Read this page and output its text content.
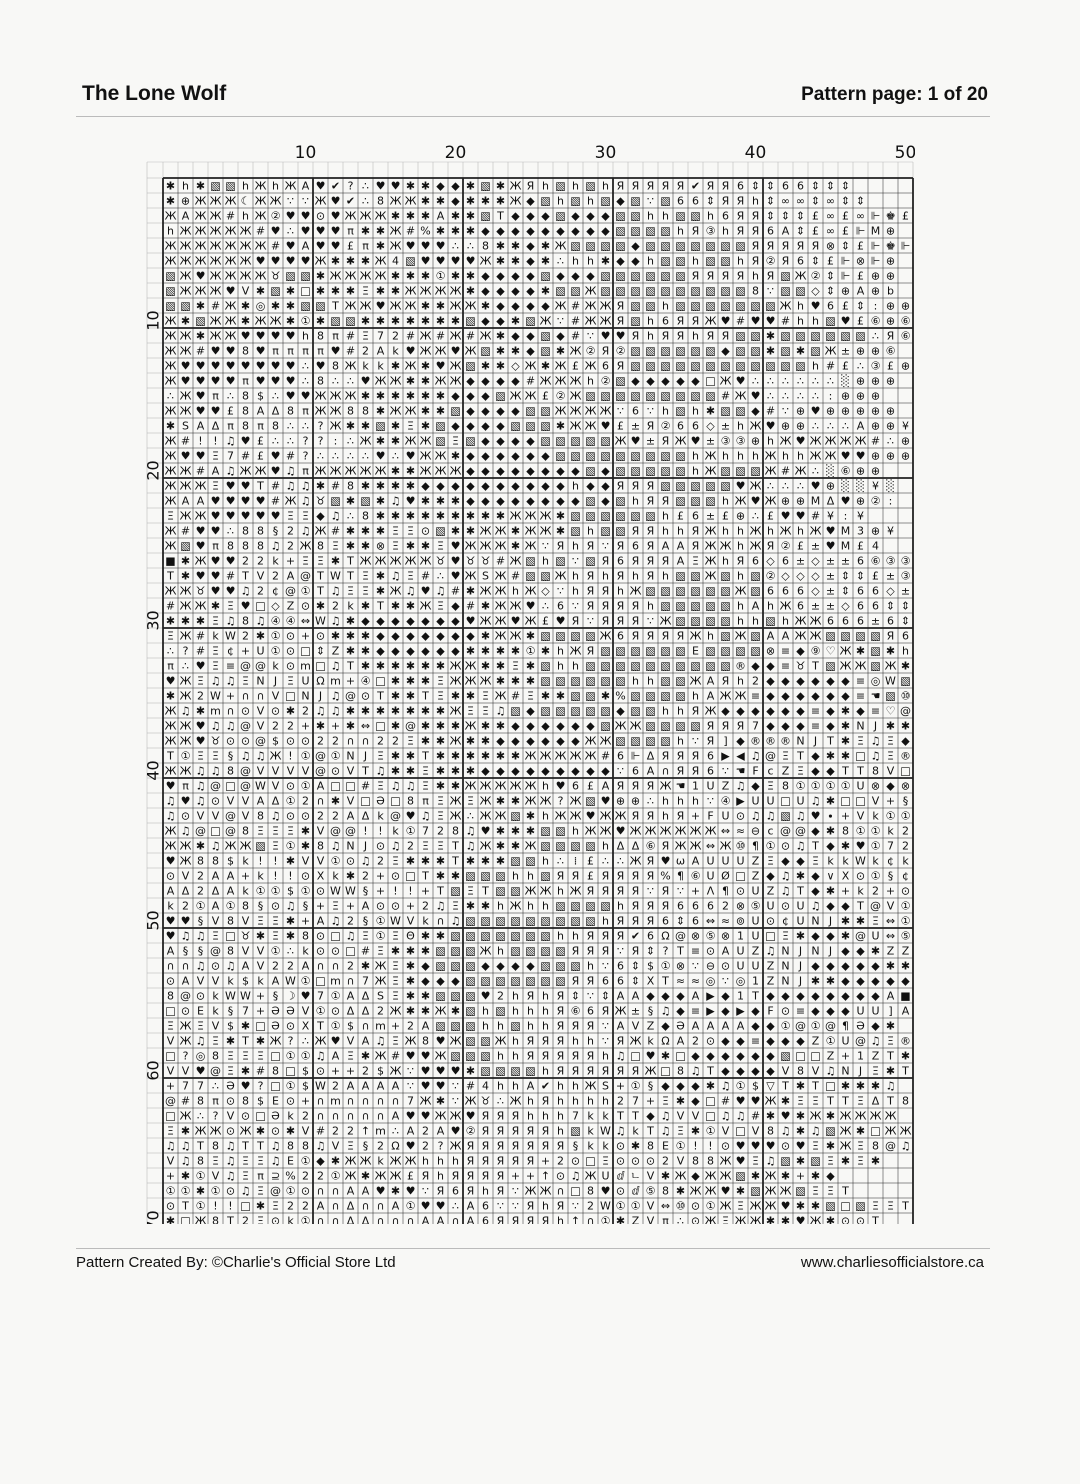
The Lone Wolf	Pattern page: 1 of 20
✱ h ✱ ▧ ▧ h Ж h Ж A ♥ ✔ ? ∴ ♥ ♥ ✱ ✱ ◆ ◆ ✱ ▧ ✱ Ж Я h ▧ h ▧ h Я Я Я Я Я ✔ Я Я 6 ⇕ ⇕ 6 6 ⇕ ⇕ ⇕
✱ ⊕ Ж Ж Ж ☾ Ж Ж ∵ ∵ Ж ♥ ✔ ∴ 8 Ж Ж ✱ ✱ ◆ ✱ ✱ ✱ Ж ◆ ▧ h ▧ h ▧ ◆ ▧ ∵ ▧ 6 6 ⇕ Я Я h ⇕ ∞ ∞ ⇕ ∞ ⇕ ⇕
Ж A Ж Ж # h Ж ② ♥ ♥ ⊙ ♥ Ж Ж Ж ✱ ✱ ✱ A ✱ ✱ ▧ T ◆ ◆ ◆ ▧ ◆ ◆ ◆ ▧ ▧ h h ▧ ▧ h 6 Я Я ⇕ ⇕ ⇕ £ ∞ £ ∞ ⊩ ♚ £
h Ж Ж Ж Ж Ж # ♥ ∴ ♥ ♥ ♥ π ✱ ✱ Ж # % ✱ ✱ ✱ ◆ ◆ ◆ ◆ ◆ ◆ ◆ ◆ ◆ ▧ ▧ ▧ ▧ h Я ③ h Я Я 6 A ⇕ £ ∞ £ ⊩ M ⊕
Ж Ж Ж Ж Ж Ж Ж # ♥ A ♥ ♥ £ π ✱ Ж ♥ ♥ ♥ ∴ ∴ 8 ✱ ✱ ◆ ✱ Ж ▧ ▧ ▧ ▧ ◆ ▧ ▧ ▧ ▧ ▧ ▧ ▧ Я Я Я Я Я ⊗ ⇕ £ ⊩ ♚ ⊩
Ж Ж Ж Ж Ж Ж ♥ ♥ ♥ ♥ Ж ✱ ✱ ✱ Ж 4 ▧ ♥ ♥ ♥ ♥ Ж ✱ ✱ ◆ ✱ ∴ h h ✱ ◆ ◆ h ▧ ▧ h ▧ ▧ h Я ② Я 6 ⇕ £ ⊩ ⊗ ⊩ ⊕
▧ Ж ♥ Ж Ж Ж Ж ♉ ▧ ▧ ✱ Ж Ж Ж Ж ✱ ✱ ✱ ① ✱ ✱ ◆ ◆ ◆ ◆ ▧ ◆ ◆ ◆ ▧ ▧ ▧ ▧ ▧ ▧ Я Я Я Я h Я ▧ Ж ② ⇕ ⊩ £ ⊕ ⊕
▧ Ж Ж Ж ♥ V ✱ ▧ ✱ □ ✱ ✱ ✱ Ξ ✱ ✱ Ж Ж Ж Ж ✱ ◆ ◆ ◆ ◆ ✱ ▧ ▧ Ж ▧ ▧ ▧ ▧ ▧ ▧ ▧ ▧ ▧ ▧ 8 ∵ ▧ ▧ ◇ ⇕ ⊕ A ⊕ b
▧ ▧ ✱ # Ж ✱ ◎ ✱ ✱ ▧ ▧ T Ж Ж ♥ Ж Ж ✱ ✱ Ж Ж ✱ ◆ ◆ ◆ ◆ Ж # Ж Ж Я ▧ ▧ h ▧ ▧ ▧ ▧ ▧ ▧ ▧ Ж h ♥ 6 £ ⇕ : ⊕ ⊕
Ж ✱ ▧ Ж Ж ✱ Ж Ж ✱ ① ✱ ▧ ▧ ✱ ✱ ✱ ✱ ✱ ✱ ✱ ▧ ◆ ◆ ✱ ▧ Ж ∵ # Ж Ж Я ▧ h 6 Я Я Ж ♥ # ♥ ♥ # h h ▧ ♥ £ ⑥ ⊕ ⑥
Ж Ж ✱ Ж Ж ♥ ♥ ♥ ♥ h 8 π # Ξ 7 2 # Ж # Ж # Ж ✱ ◆ ◆ ▧ ◆ # ∵ ♥ ♥ Я h Я Я h Я Я ▧ ▧ ✱ ▧ ▧ ▧ ▧ ▧ ▧ ∴ Я ⑥
Ж Ж # ♥ ♥ 8 ♥ π π π π ♥ # 2 A k ♥ Ж Ж ♥ Ж ▧ ✱ ✱ ◆ ▧ ✱ Ж ② Я ② ▧ ▧ ▧ ▧ ▧ ▧ ◆ ▧ ▧ ✱ ▧ ✱ ▧ Ж ± ⊕ ⊕ ⑥
Ж ♥ ♥ ♥ ♥ ♥ ♥ ♥ ♥ ∴ ♥ 8 Ж k k ✱ Ж ✱ ♥ Ж ▧ ✱ ✱ ◇ Ж ✱ Ж £ Ж 6 Я ▧ ▧ ▧ ▧ ▧ ▧ ▧ ▧ ▧ ▧ ▧ ▧ h # £ ∴ ③ £ ⊕
Ж ♥ ♥ ♥ ♥ π ♥ ♥ ♥ ∴ 8 ∴ ∴ ♥ Ж Ж ✱ ✱ Ж Ж ◆ ◆ ◆ ◆ # Ж Ж Ж h ② ▧ ◆ ◆ ◆ ◆ ◆ □ Ж ♥ ∴ ∴ ∴ ∴ ∴ ∴ ░ ⊕ ⊕ ⊕
∴ Ж ♥ π ∴ 8 $ ∴ ♥ ♥ Ж Ж Ж ✱ ✱ ✱ ✱ ✱ ✱ ◆ ◆ ◆ ▧ Ж Ж £ ② Ж ▧ ▧ ▧ ▧ ▧ ▧ ▧ ▧ ▧ # Ж ♥ ∴ ∴ ∴ ∴ : ⊕ ⊕ ⊕
Ж Ж ♥ ♥ £ 8 A Δ 8 π Ж Ж 8 8 ✱ Ж Ж ✱ ✱ ▧ ◆ ◆ ◆ ◆ ▧ ▧ Ж Ж Ж Ж ∵ 6 ∵ h ▧ h ✱ ▧ ▧ ◆ # ∵ ⊕ ♥ ⊕ ⊕ ⊕ ⊕ ⊕
✱ S A Δ π 8 π 8 ∴ ∴ ? Ж ✱ ✱ ▧ ✱ Ξ ✱ ▧ ◆ ◆ ◆ ◆ ▧ ▧ ▧ ✱ Ж Ж ♥ £ ± Я ② 6 6 ◇ ± h Ж ♥ ⊕ ⊕ ∴ ∴ ∴ A ⊕ ⊕ ¥
Ж # ! ! ♫ ♥ £ ∴ ∴ ? ? : ∴ Ж ✱ ✱ Ж Ж ▧ Ξ ▧ ◆ ◆ ◆ ◆ ▧ ▧ ▧ ▧ ▧ Ж ♥ ± Я Ж ♥ ± ③ ③ ⊕ h Ж ♥ Ж Ж Ж Ж # ∴ ⊕
Ж ♥ ♥ Ξ 7 # £ ♥ # ? ∴ ∴ ∴ ∴ ♥ ∴ ♥ Ж Ж ✱ ◆ ◆ ◆ ◆ ◆ ◆ ▧ ▧ ▧ ▧ ▧ ▧ ▧ ▧ ▧ h Ж h h h Ж h h Ж Ж ♥ ♥ ⊕ ⊕ ⊕
Ж Ж # A ♫ Ж Ж ♥ ♫ π Ж Ж Ж Ж Ж ✱ ✱ Ж Ж Ж ◆ ◆ ◆ ◆ ◆ ◆ ◆ ◆ ▧ ◆ ▧ ▧ ▧ ▧ ▧ h Ж ▧ ▧ ▧ Ж # Ж ∴ ░ ⑥ ⊕ ⊕
Ж Ж Ж Ξ ♥ ♥ T # ♫ ♫ ✱ # 8 ✱ ✱ ✱ ✱ ◆ ◆ ◆ ◆ ◆ ◆ ◆ ◆ ◆ ◆ h ◆ ◆ Я Я Я ▧ ▧ ▧ ▧ ▧ ♥ Ж ∴ ∴ ∴ ♥ ⊕ ░ ░ ¥ ░
Ж A A ♥ ♥ ♥ ♥ # Ж ♫ ♉ ▧ ✱ ▧ ✱ ♫ ♥ ✱ ✱ ✱ ◆ ◆ ◆ ◆ ◆ ◆ ◆ ◆ ▧ ◆ ▧ h Я Я ▧ ▧ ▧ h Ж ♥ Ж ⊕ ⊕ M Δ ♥ ⊕ ② :
Ξ Ж Ж ♥ ♥ ♥ ♥ ♥ Ξ Ξ ◆ ♫ ∴ 8 ✱ ✱ ✱ ✱ ✱ ✱ ✱ ✱ ✱ Ж Ж Ж ✱ ▧ ▧ ▧ ▧ ▧ ▧ h £ 6 ± £ ⊕ ∴ £ ♥ ♥ # ¥ : ¥
Ж # ♥ ♥ ∴ 8 8 § 2 ♫ Ж # ✱ ✱ ✱ Ξ Ξ ⊙ ▧ ✱ ✱ Ж Ж ✱ Ж Ж ✱ ▧ h ▧ ▧ Я Я h h Я Ж h h Ж h Ж h Ж ♥ M 3 ⊕ ¥
Ж ▧ ♥ π 8 8 8 ♫ 2 Ж 8 Ξ ✱ ✱ ⊗ Ξ ✱ ✱ Ξ ♥ Ж Ж Ж ✱ Ж ∵ Я h Я ∵ Я 6 Я A A Я Ж Ж h Ж Я ② £ ± ♥ M £ 4
■ ✱ Ж ♥ ♥ 2 2 k + Ξ Ξ ✱ T Ж Ж Ж Ж Ж ♉ ♥ ♉ ♉ # Ж ▧ h ▧ ∵ ▧ Я 6 Я Я Я A Ξ Ж h Я 6 ◇ 6 ± ◇ ± ± 6 ⑥ ③ ③
T ✱ ♥ ♥ # T V 2 A @ T W T Ξ ✱ ♫ Ξ # ∴ ♥ Ж S Ж # ▧ ▧ Ж h Я h Я h Я h ▧ ▧ Ж ▧ h ▧ ② ◇ ◇ ◇ ± ⇕ ⇕ £ ± ③
Ж Ж ♉ ♥ ♥ ♫ 2 ¢ @ ① T ♫ Ξ Ξ ✱ Ж ♫ ♥ ♫ # ✱ Ж Ж h Ж ◇ ∵ h Я Я h Ж ▧ ▧ ▧ ▧ ▧ ▧ Ж ▧ 6 6 6 ◇ ± ⇕ 6 6 ◇ ±
# Ж Ж ✱ Ξ ♥ □ ◇ Z ⊙ ✱ 2 k ✱ T ✱ ✱ Ж Ξ ◆ # ✱ Ж Ж ♥ ∴ 6 ∵ Я Я Я Я h ▧ ▧ ▧ ▧ ▧ h A h Ж 6 ± ± ◇ 6 6 ⇕ ⇕
✱ ✱ ✱ Ξ ♫ 8 ♫ ④ ④ ⇔ W ♫ ✱ ◆ ◆ ◆ ◆ ◆ ◆ ◆ ♥ Ж Ж ♥ Ж £ ♥ Я ∵ Я Я Я ∵ Ж ▧ ▧ ▧ ▧ h h ▧ h Ж Ж 6 6 6 ± 6 ⇕
Ξ Ж # k W 2 ✱ ① ⊙ + ⊙ ✱ ✱ ✱ ◆ ◆ ◆ ◆ ◆ ◆ ◆ ✱ Ж Ж ✱ ▧ ▧ ▧ ▧ Ж 6 Я Я Я Я Ж h ▧ Ж ▧ A A Ж Ж ▧ ▧ ▧ ▧ Я 6
∴ ? # Ξ ¢ + U ① ⊙ □ ⇕ Z ✱ ✱ ◆ ◆ ◆ ◆ ◆ ◆ ✱ ✱ ✱ ✱ ① ✱ h Ж Я ▧ ▧ ▧ ▧ ▧ ▧ E ▧ ▧ ▧ ▧ ⊗ ≡ ◆ ⑨ ♡ Ж ✱ ▧ ✱ h
π ∴ ♥ Ξ ≡ @ @ k ⊙ m □ ♫ T ✱ ✱ ✱ ✱ ✱ ✱ Ж Ж ✱ ✱ Ξ ✱ ▧ h h ▧ ▧ ▧ ▧ ▧ ▧ ▧ ▧ ▧ ▧ ® ◆ ◆ ≡ ♉ T ▧ Ж Ж ▧ Ж ✱
♥ Ж Ξ ♫ ♫ Ξ N J Ξ U Ω m + ④ □ ✱ ✱ ✱ Ξ Ж Ж Ж ✱ ✱ ✱ ▧ ▧ ▧ ▧ ▧ ▧ h h ▧ ▧ Ж A Я h 2 ◆ ◆ ◆ ◆ ◆ ◆ ≡ ◎ W ▧
✱ Ж 2 W + ∩ ∩ V □ N J ♫ @ ⊙ T ✱ ✱ T Ξ ✱ ✱ Ξ Ж # Ξ ✱ ✱ ▧ ▧ ✱ % ▧ ▧ ▧ ▧ h A Ж Ж ≡ ◆ ◆ ◆ ◆ ◆ ◆ ≡ ☚ ▧ ⑩
Ж ♫ ✱ m ∩ ⊙ V ⊙ ✱ 2 ♫ ♫ ✱ ✱ ✱ ✱ ✱ ✱ ✱ Ж Ξ Ξ ♫ ▧ ◆ ▧ ▧ ▧ ▧ ▧ ◆ ▧ ▧ h h Я Ж ◆ ◆ ◆ ◆ ◆ ◆ ≡ ◆ ✱ ◆ ≡ ♡ @
Ж Ж ♥ ♫ ♫ @ V 2 2 + ✱ + ✱ ⇔ □ ✱ @ ✱ ✱ ✱ Ж ✱ ✱ ◆ ◆ ◆ ◆ ◆ ◆ ▧ Ж Ж ▧ ▧ ▧ ▧ Я Я Я 7 ◆ ◆ ◆ ≡ ◆ ✱ N J ✱ ✱
Ж Ж ♥ ♉ ⊙ ⊙ @ $ ⊙ ⊙ 2 2 ∩ ∩ 2 2 Ξ ✱ ✱ Ж ✱ ✱ ◆ ◆ ◆ ◆ ◆ ◆ Ж Ж ▧ ▧ ▧ ▧ h ∵ Я ] ◆ ® ® ® N J T ✱ Ξ ♫ Ξ ◆
T ① Ξ Ξ § ♫ ♫ Ж ! ① @ ① N J Ξ ✱ ✱ T ✱ ✱ ✱ ✱ ✱ ✱ Ж Ж Ж Ж Ж # 6 ⊩ Δ Я Я Я 6 ▶ ◀ ♫ @ Ξ T ◆ ✱ ✱ □ ♫ Ξ ®
Ж Ж ♫ ♫ 8 @ V V V V @ ⊙ V T ♫ ✱ ✱ Ξ ✱ ✱ ✱ ◆ ◆ ◆ ◆ ◆ ◆ ◆ ◆ ◆ ∵ 6 A ∩ Я Я 6 ∵ ☚ F c Z Ξ ◆ ◆ T T 8 V □
♥ π ♫ @ □ @ W V ⊙ ① A □ □ # Ξ ♫ ♫ Ξ ✱ ✱ Ж Ж Ж Ж Ж h ♥ 6 £ A Я Я Я Ж ☚ 1 U Z ♫ ◆ Ξ 8 ① ① ① ① U ⊗ ◆ ⊗
♫ ♥ ♫ ⊙ V V A Δ ① 2 ∩ ✱ V □ Ə □ 8 π Ξ Ж Ξ Ж ✱ ✱ Ж Ж ? Ж ▧ ♥ ⊕ ⊕ ∴ h h h ∵ ④ ▶ U U □ U ♫ ✱ □ □ V + §
♫ ⊙ V V @ V 8 ♫ ⊙ ⊙ 2 2 A Δ k @ ♥ ♫ Ξ Ж ∴ Ж Ж ▧ ✱ h Ж Ж ♥ Ж Ж Я Я h Я + F U ⊙ ♫ ♫ ▧ ♫ ♥ ∙ + V k ① ①
Ж ♫ @ □ @ 8 Ξ Ξ Ξ ✱ V @ @ ! ! k ① 7 2 8 ♫ ♥ ✱ ✱ ✱ ▧ ▧ h Ж Ж ♥ Ж Ж Ж Ж Ж Ж ⇔ ≈ ⊖ c @ @ ◆ ✱ 8 ① ① k 2
Ж Ж ✱ ♫ Ж Ж ▧ Ξ ① ✱ 8 ♫ N J ⊙ ♫ 2 Ξ Ξ T ♫ Ж ✱ ✱ Ж ▧ ▧ ▧ ▧ h Δ Δ ⑥ Я Ж Ж ⇔ Ж ⑩ ¶ ① ⊙ ♫ T ◆ ✱ ♥ ① 7 2
♥ Ж 8 8 $ k ! ! ✱ V V ① ⊙ ♫ 2 Ξ ✱ ✱ ✱ T ✱ ✱ ✱ ▧ ▧ h ∴ ⁞ £ ∴ ∴ Ж Я ♥ ω A U U U Z Ξ ◆ ◆ Ξ k k W k ¢ k
⊙ V 2 A A + k ! ! ⊙ X k ✱ 2 + ⊙ □ T ✱ ✱ ▧ ▧ ▧ h h ▧ Я Я £ Я Я Я Я % ¶ ⑥ U Ø □ Z ◆ ♫ ✱ ◆ ∨ X ⊙ ① § ¢
A Δ 2 Δ A k ① ① $ ① ⊙ W W § + ! ! + T ▧ Ξ T ▧ ▧ Ж Ж h Ж Я Я Я Я ∵ Я ∵ + Ʌ ¶ ⊙ U Z ♫ T ◆ ✱ + k 2 + ⊙
k 2 ① A ① 8 § ⊙ ♫ § + Ξ + A ⊙ ⊙ + 2 ♫ Ξ ✱ ✱ h Ж h h ▧ ▧ ▧ ▧ h Я Я Я 6 6 6 2 ⊗ ⑤ U ⊙ U ♫ ◆ ◆ T @ V ①
♥ ♥ § V 8 V Ξ Ξ ✱ + A ♫ 2 § ① W V k ∩ ♫ ▧ ▧ ▧ ▧ ▧ ▧ ▧ ▧ ▧ h Я Я Я 6 ⇕ 6 ⇔ ≈ ⊚ U ⊙ ¢ U N J ✱ ✱ Ξ ⇔ ①
♥ ♫ ♫ Ξ □ ♉ ✱ Ξ ✱ 8 ⊙ □ ♫ Ξ ① Ξ Θ ✱ ✱ ▧ ▧ ▧ ▧ ▧ ▧ ▧ h h Я Я Я ✔ 6 Ω @ ⊗ ⑤ ⊗ 1 U □ Ξ ✱ ◆ ◆ ✱ @ U ⇔ ⑤
A § § @ 8 V V ① ∴ k ⊙ ⊙ □ # Ξ ✱ ✱ ✱ ▧ ▧ ▧ Ж h ▧ ▧ ▧ ▧ Я Я Я ∵ Я ⇕ ? T ≡ ⊙ A U Z ♫ N J N J ◆ ◆ ✱ Z Z
∩ ∩ ♫ ⊙ ♫ A V 2 2 A ∩ ∩ 2 ✱ Ж Ξ ✱ ◆ ▧ ▧ ▧ ◆ ◆ ◆ ◆ ▧ ▧ ▧ h ∵ 6 ⇕ $ ① ⊗ ∵ ⊖ ⊙ U U Z N J ◆ ◆ ◆ ◆ ◆ ✱ ✱
⊙ A V V k $ k A W ① □ m ∩ 7 Ж Ξ ✱ ◆ ◆ ◆ ▧ ▧ ▧ ▧ ▧ ▧ ▧ Я Я 6 6 ⇕ X T ≈ ≈ ◎ ∵ ◎ 1 Z N J ✱ ✱ ◆ ◆ ◆ ◆ ◆
8 @ ⊙ k W W + § ☽ ♥ 7 ① A Δ S Ξ ✱ ✱ ▧ ▧ ▧ ♥ 2 h Я h Я ⇕ ∵ ⇕ A A ◆ ◆ ◆ A ▶ ◆ 1 T ◆ ◆ ◆ ◆ ◆ ◆ ◆ ◆ A ■
□ ⊙ E k § 7 + Ə Ə V ① ⊙ Δ Δ 2 Ж ✱ ✱ Ж ✱ ▧ h ▧ h h h Я ⑥ 6 Я Ж ± § ♫ ◆ ≡ ▶ ◆ ▶ ◆ F ⊙ ≡ ◆ ◆ ◆ U U ] A
Ξ Ж Ξ V $ ✱ □ Ə ⊙ X T ① $ ∩ m + 2 A ▧ ▧ ▧ h h ▧ h h Я Я Я ∵ A V Z ◆ Ə A A A A ◆ ◆ ① @ ① @ ¶ Ə ◆ ✱
V Ж ♫ Ξ ✱ T ✱ Ж ? ∴ Ж ♥ V A ♫ Ξ Ж 8 ♥ Ж ▧ ▧ Ж h Я Я Я h h ∵ Я Ж k Ω A 2 ⊙ ◆ ◆ ≡ ◆ ◆ ◆ Z ① U @ ♫ Ξ ®
□ ? ◎ 8 Ξ Ξ Ξ □ ① ① ♫ A Ξ ✱ Ж # ♥ ♥ Ж ▧ ▧ ▧ h h Я Я Я Я Я h ♫ □ ♥ ✱ □ ◆ ◆ ◆ ◆ ◆ ◆ ▧ □ □ Z + 1 Z T ✱
V V ♥ @ Ξ ✱ # 8 □ $ ⊙ + + 2 $ Ж ∵ ♥ ♥ ♥ ✱ ▧ ▧ ▧ ▧ h Я Я Я Я Я Я Ж □ 8 ♫ T ◆ ◆ ◆ ◆ V 8 V ♫ N J Ξ ✱ T
+ 7 7 ∴ Ə ♥ ? □ ① $ W 2 A A A A ∵ ♥ ♥ ∵ # 4 h h A ✔ h h Ж S + ① § ◆ ◆ ◆ ✱ ♫ ① $ ▽ T ✱ T □ ✱ ✱ ✱ ♫
@ # 8 π ⊙ 8 $ E ⊙ + ∩ m ∩ ∩ ∩ ∩ 7 Ж ✱ ∵ Ж ♉ ∴ Ж h Я h h h h 2 7 + Ξ ✱ ◆ □ # ♥ ♥ Ж ✱ Ξ Ξ T T Ξ Δ T 8
□ Ж ∴ ? V ⊙ □ Ə k 2 ∩ ∩ ∩ ∩ ∩ A ♥ ♥ Ж Ж ♥ Я Я Я h h h 7 k k T T ◆ ♫ V V □ ♫ ♫ # ✱ ♥ ✱ Ж ✱ Ж Ж Ж Ж
Ξ ✱ Ж Ж ⊙ Ж ✱ ⊙ ✱ V # 2 2 ↑ m ∴ A 2 A ♥ ② Я Я Я Я Я h ▧ k W ♫ k T ♫ Ξ ✱ ① V □ V 8 ♫ ✱ ♫ ▧ Ж ✱ □ Ж Ж
♫ ♫ T 8 ♫ T T ♫ 8 8 ♫ V Ξ § 2 Ω ♥ 2 ? Ж Я Я Я Я Я Я Я § k k ⊙ ✱ 8 E ① ! ! ⊙ ♥ ♥ ♥ ⊙ ♥ Ξ ✱ Ж Ξ 8 @ ♫
V ♫ 8 Ξ ♫ Ξ Ξ ♫ E ① ◆ ✱ Ж Ж k Ж Ж h h h Я Я Я Я Я + 2 ⊙ □ Ξ ⊙ ⊙ ⊙ 2 V 8 8 Ж ♥ Ξ ♫ ▧ ✱ ▧ Ξ ✱ Ξ ✱
+ ✱ ① V ♫ Ξ π ⊇ % 2 2 ① Ж ✱ Ж Ж £ Я h Я Я Я Я + + ↑ ⊙ ♫ Ж U ⅆ ㄴ V ✱ Ж ◆ Ж Ж ▧ ✱ Ж ✱ + ✱ ◆
① ① ✱ ① ⊙ ♫ Ξ @ ① ⊙ ∩ ∩ A A ♥ ✱ ♥ ∵ Я 6 Я h Я ∵ Ж Ж ∩ □ 8 ♥ ⊙ ⅆ ⑤ 8 ✱ Ж Ж ♥ ✱ ▧ Ж Ж ▧ Ξ Ξ T
⊙ T ① ! ! □ ✱ Ξ 2 2 A ∩ Δ ∩ ∩ A ① ♥ ♥ ∴ A 6 ∵ ∵ Я h Я ∵ 2 W ① ① V ⇔ ⑩ ⊙ ① Ж Ξ Ж Ж ♥ ✱ ✱ ▧ □ ▧ Ξ Ξ T
✱ □ Ж 8 T 2 Ξ ⊙ k ① ∩ ∩ Δ Δ ∩ ∩ ∩ A A ∩ A 6 Я Я Я Я h ↑ ∩ ① ✱ Z V π ∴ ⊙ Ж Ξ Ж Ж ✱ ✱ ♥ Ж ✱ ⊙ ⊙ T
10	20	30	40	50
10
20
30
40
50
60
70
Pattern Created By: ©Charlie's Official Store Ltd	www.charliesofficialstore.ca
